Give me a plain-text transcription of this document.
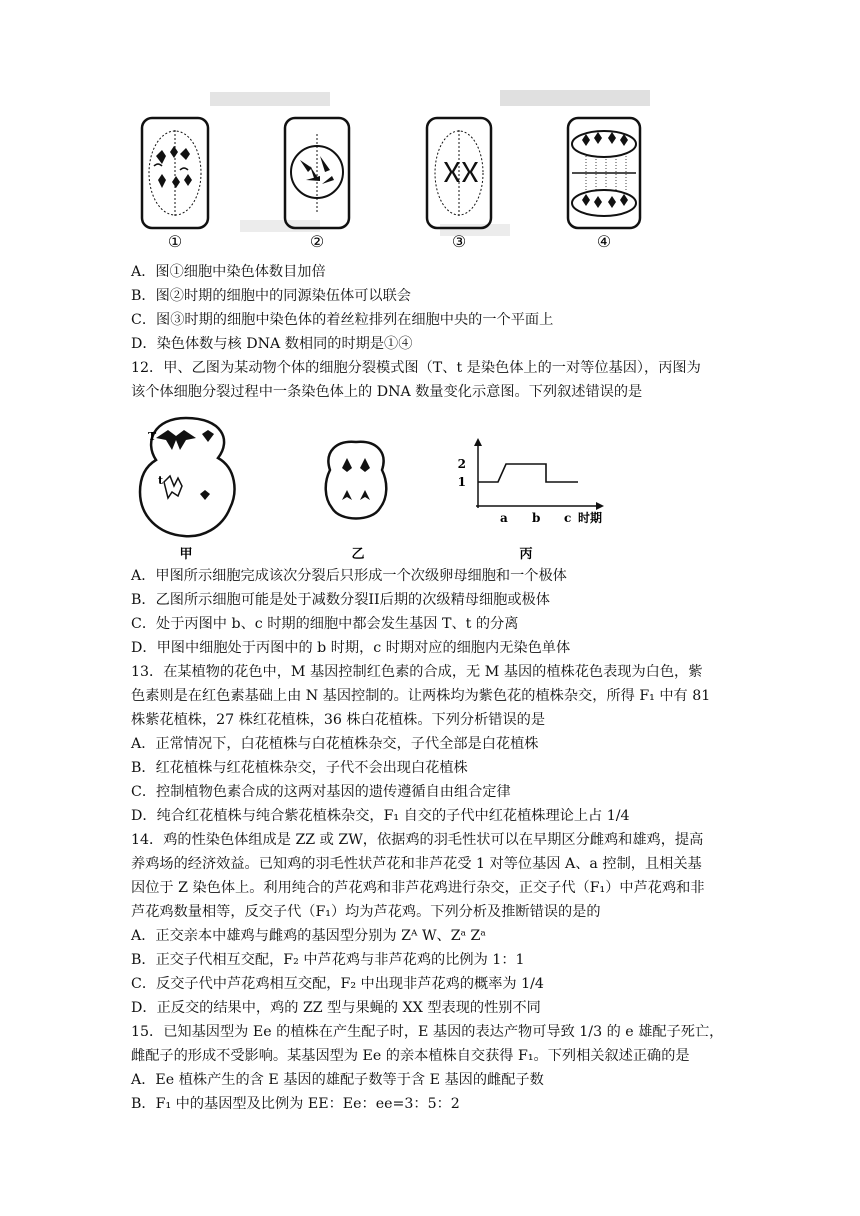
①	②	③	④
A．图①细胞中染色体数目加倍
B．图②时期的细胞中的同源染伍体可以联会
C．图③时期的细胞中染色体的着丝粒排列在细胞中央的一个平面上
D．染色体数与核 DNA 数相同的时期是①④
12．甲、乙图为某动物个体的细胞分裂模式图（T、t 是染色体上的一对等位基因），丙图为
该个体细胞分裂过程中一条染色体上的 DNA 数量变化示意图。下列叙述错误的是
T
t
甲	乙
2
1
a b c 时期
丙
A．甲图所示细胞完成该次分裂后只形成一个次级卵母细胞和一个极体
B．乙图所示细胞可能是处于减数分裂II后期的次级精母细胞或极体
C．处于丙图中 b、c 时期的细胞中都会发生基因 T、t 的分离
D．甲图中细胞处于丙图中的 b 时期，c 时期对应的细胞内无染色单体
13．在某植物的花色中，M 基因控制红色素的合成，无 M 基因的植株花色表现为白色，紫
色素则是在红色素基础上由 N 基因控制的。让两株均为紫色花的植株杂交，所得 F₁ 中有 81
株紫花植株，27 株红花植株，36 株白花植株。下列分析错误的是
A．正常情况下，白花植株与白花植株杂交，子代全部是白花植株
B．红花植株与红花植株杂交，子代不会出现白花植株
C．控制植物色素合成的这两对基因的遗传遵循自由组合定律
D．纯合红花植株与纯合紫花植株杂交，F₁ 自交的子代中红花植株理论上占 1/4
14．鸡的性染色体组成是 ZZ 或 ZW，依据鸡的羽毛性状可以在早期区分雌鸡和雄鸡，提高
养鸡场的经济效益。已知鸡的羽毛性状芦花和非芦花受 1 对等位基因 A、a 控制，且相关基
因位于 Z 染色体上。利用纯合的芦花鸡和非芦花鸡进行杂交，正交子代（F₁）中芦花鸡和非
芦花鸡数量相等，反交子代（F₁）均为芦花鸡。下列分析及推断错误的是的
A．正交亲本中雄鸡与雌鸡的基因型分别为 Zᴬ W、Zᵃ Zᵃ
B．正交子代相互交配，F₂ 中芦花鸡与非芦花鸡的比例为 1：1
C．反交子代中芦花鸡相互交配，F₂ 中出现非芦花鸡的概率为 1/4
D．正反交的结果中，鸡的 ZZ 型与果蝇的 XX 型表现的性别不同
15．已知基因型为 Ee 的植株在产生配子时，E 基因的表达产物可导致 1/3 的 e 雄配子死亡，
雌配子的形成不受影响。某基因型为 Ee 的亲本植株自交获得 F₁。下列相关叙述正确的是
A．Ee 植株产生的含 E 基因的雄配子数等于含 E 基因的雌配子数
B．F₁ 中的基因型及比例为 EE：Ee：ee=3：5：2
